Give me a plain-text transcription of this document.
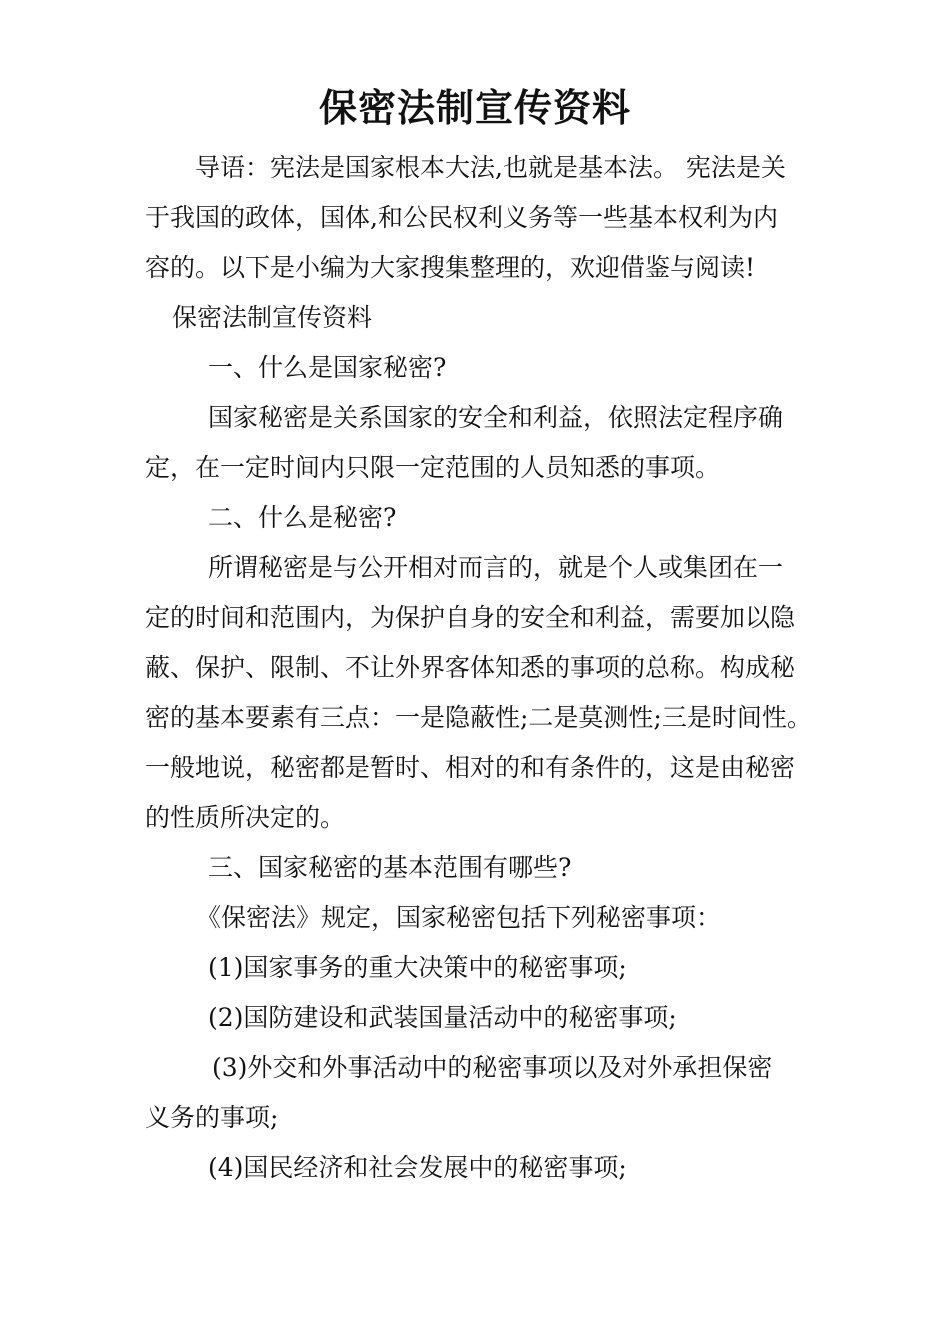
保密法制宣传资料

导语：宪法是国家根本大法,也就是基本法。 宪法是关

于我国的政体，国体,和公民权利义务等一些基本权利为内

容的。以下是小编为大家搜集整理的，欢迎借鉴与阅读!

保密法制宣传资料

一、什么是国家秘密?

国家秘密是关系国家的安全和利益，依照法定程序确

定，在一定时间内只限一定范围的人员知悉的事项。

二、什么是秘密?

所谓秘密是与公开相对而言的，就是个人或集团在一

定的时间和范围内，为保护自身的安全和利益，需要加以隐

蔽、保护、限制、不让外界客体知悉的事项的总称。构成秘

密的基本要素有三点：一是隐蔽性;二是莫测性;三是时间性。

一般地说，秘密都是暂时、相对的和有条件的，这是由秘密

的性质所决定的。

三、国家秘密的基本范围有哪些?

《保密法》规定，国家秘密包括下列秘密事项：

(1)国家事务的重大决策中的秘密事项;

(2)国防建设和武装国量活动中的秘密事项;

(3)外交和外事活动中的秘密事项以及对外承担保密

义务的事项;

(4)国民经济和社会发展中的秘密事项;
